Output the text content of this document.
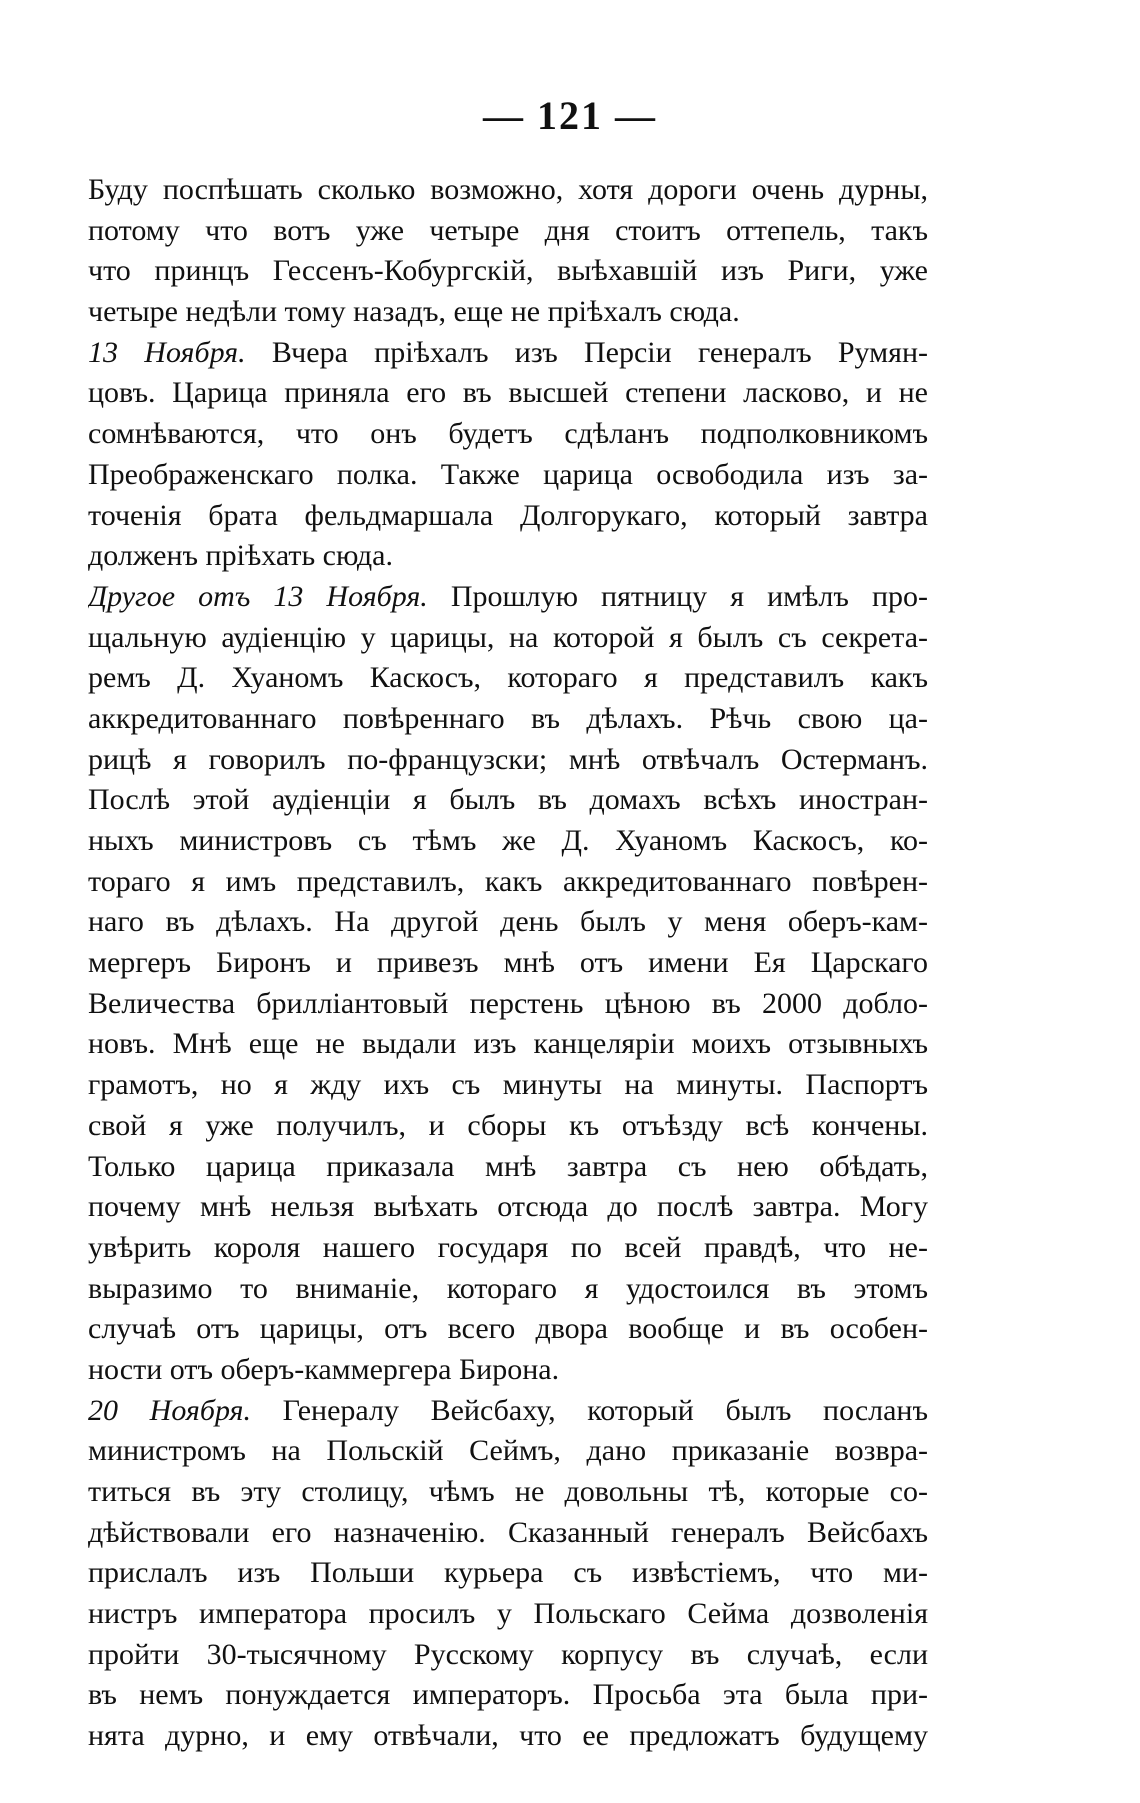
— 121 —
Буду поспѣшать сколько возможно, хотя дороги очень дурны,
потому что вотъ уже четыре дня стоитъ оттепель, такъ
что принцъ Гессенъ-Кобургскій, выѣхавшій изъ Риги, уже
четыре недѣли тому назадъ, еще не пріѣхалъ сюда.
13 Ноября. Вчера пріѣхалъ изъ Персіи генералъ Румян-
цовъ. Царица приняла его въ высшей степени ласково, и не
сомнѣваются, что онъ будетъ сдѣланъ подполковникомъ
Преображенскаго полка. Также царица освободила изъ за-
точенія брата фельдмаршала Долгорукаго, который завтра
долженъ пріѣхать сюда.
Другое отъ 13 Ноября. Прошлую пятницу я имѣлъ про-
щальную аудіенцію у царицы, на которой я былъ съ секрета-
ремъ Д. Хуаномъ Каскосъ, котораго я представилъ какъ
аккредитованнаго повѣреннаго въ дѣлахъ. Рѣчь свою ца-
рицѣ я говорилъ по-французски; мнѣ отвѣчалъ Остерманъ.
Послѣ этой аудіенціи я былъ въ домахъ всѣхъ иностран-
ныхъ министровъ съ тѣмъ же Д. Хуаномъ Каскосъ, ко-
тораго я имъ представилъ, какъ аккредитованнаго повѣрен-
наго въ дѣлахъ. На другой день былъ у меня оберъ-кам-
мергеръ Биронъ и привезъ мнѣ отъ имени Ея Царскаго
Величества брилліантовый перстень цѣною въ 2000 добло-
новъ. Мнѣ еще не выдали изъ канцеляріи моихъ отзывныхъ
грамотъ, но я жду ихъ съ минуты на минуты. Паспортъ
свой я уже получилъ, и сборы къ отъѣзду всѣ кончены.
Только царица приказала мнѣ завтра съ нею обѣдать,
почему мнѣ нельзя выѣхать отсюда до послѣ завтра. Могу
увѣрить короля нашего государя по всей правдѣ, что не-
выразимо то вниманіе, котораго я удостоился въ этомъ
случаѣ отъ царицы, отъ всего двора вообще и въ особен-
ности отъ оберъ-каммергера Бирона.
20 Ноября. Генералу Вейсбаху, который былъ посланъ
министромъ на Польскій Сеймъ, дано приказаніе возвра-
титься въ эту столицу, чѣмъ не довольны тѣ, которые со-
дѣйствовали его назначенію. Сказанный генералъ Вейсбахъ
прислалъ изъ Польши курьера съ извѣстіемъ, что ми-
нистръ императора просилъ у Польскаго Сейма дозволенія
пройти 30-тысячному Русскому корпусу въ случаѣ, если
въ немъ понуждается императоръ. Просьба эта была при-
нята дурно, и ему отвѣчали, что ее предложатъ будущему
